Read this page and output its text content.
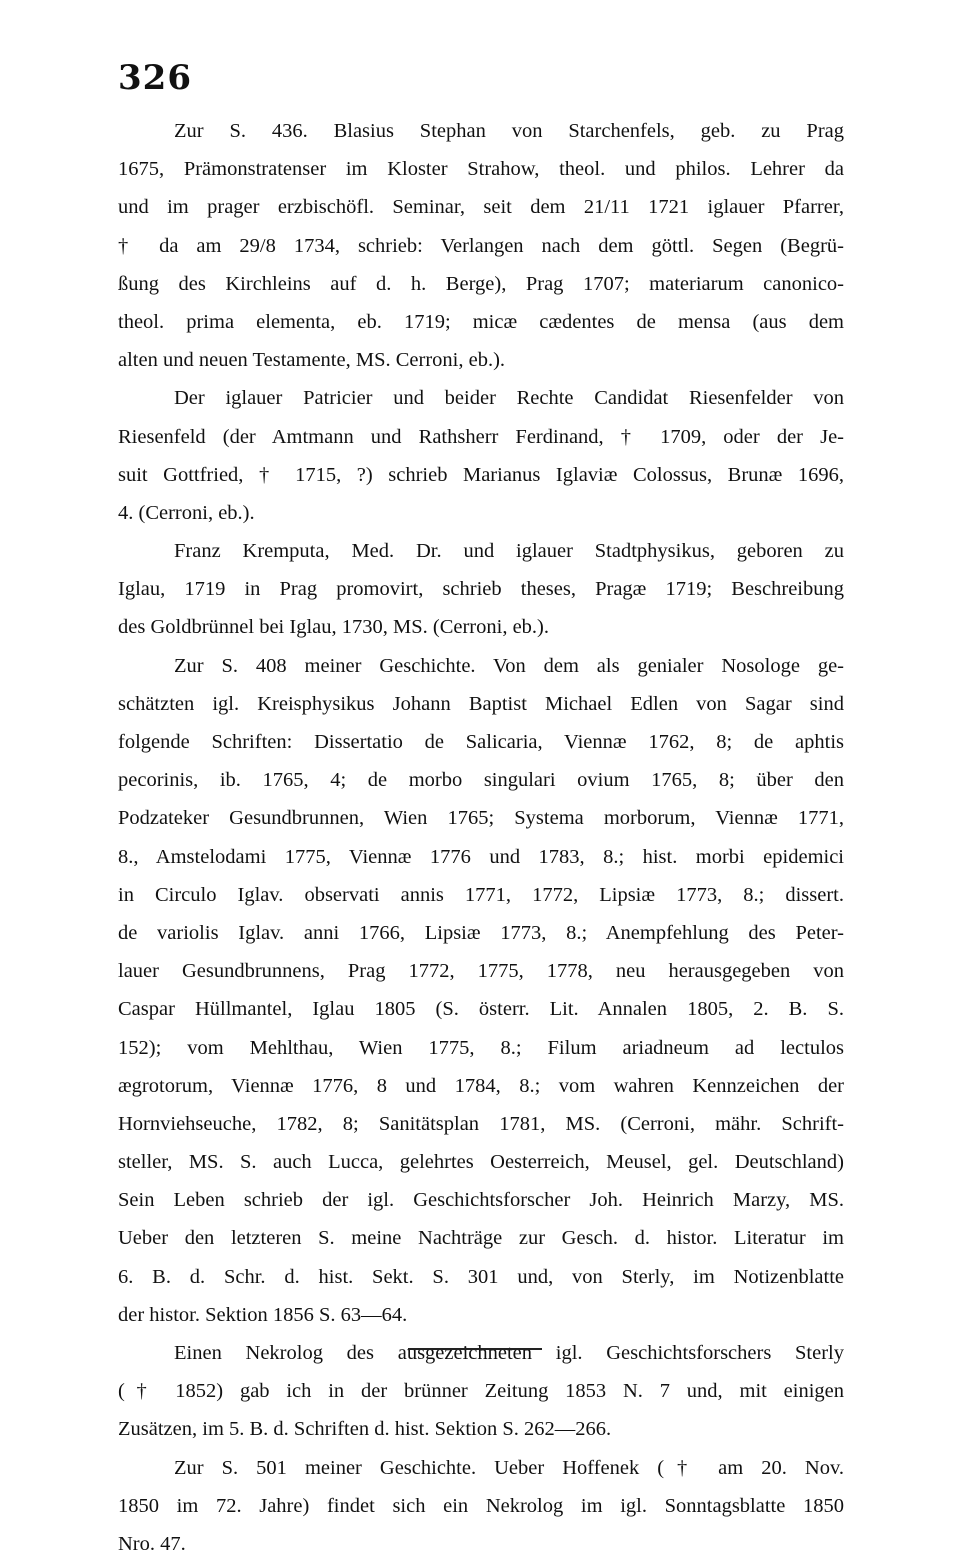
326
Zur S. 436. Blasius Stephan von Starchenfels, geb. zu Prag
1675, Prämonstratenser im Kloster Strahow, theol. und philos. Lehrer da
und im prager erzbischöfl. Seminar, seit dem 21/11 1721 iglauer Pfarrer,
† da am 29/8 1734, schrieb: Verlangen nach dem göttl. Segen (Begrü-
ßung des Kirchleins auf d. h. Berge), Prag 1707; materiarum canonico-
theol. prima elementa, eb. 1719; micæ cædentes de mensa (aus dem
alten und neuen Testamente, MS. Cerroni, eb.).
Der iglauer Patricier und beider Rechte Candidat Riesenfelder von
Riesenfeld (der Amtmann und Rathsherr Ferdinand, † 1709, oder der Je-
suit Gottfried, † 1715, ?) schrieb Marianus Iglaviæ Colossus, Brunæ 1696,
4. (Cerroni, eb.).
Franz Kremputa, Med. Dr. und iglauer Stadtphysikus, geboren zu
Iglau, 1719 in Prag promovirt, schrieb theses, Pragæ 1719; Beschreibung
des Goldbrünnel bei Iglau, 1730, MS. (Cerroni, eb.).
Zur S. 408 meiner Geschichte. Von dem als genialer Nosologe ge-
schätzten igl. Kreisphysikus Johann Baptist Michael Edlen von Sagar sind
folgende Schriften: Dissertatio de Salicaria, Viennæ 1762, 8; de aphtis
pecorinis, ib. 1765, 4; de morbo singulari ovium 1765, 8; über den
Podzateker Gesundbrunnen, Wien 1765; Systema morborum, Viennæ 1771,
8., Amstelodami 1775, Viennæ 1776 und 1783, 8.; hist. morbi epidemici
in Circulo Iglav. observati annis 1771, 1772, Lipsiæ 1773, 8.; dissert.
de variolis Iglav. anni 1766, Lipsiæ 1773, 8.; Anempfehlung des Peter-
lauer Gesundbrunnens, Prag 1772, 1775, 1778, neu herausgegeben von
Caspar Hüllmantel, Iglau 1805 (S. österr. Lit. Annalen 1805, 2. B. S.
152); vom Mehlthau, Wien 1775, 8.; Filum ariadneum ad lectulos
ægrotorum, Viennæ 1776, 8 und 1784, 8.; vom wahren Kennzeichen der
Hornviehseuche, 1782, 8; Sanitätsplan 1781, MS. (Cerroni, mähr. Schrift-
steller, MS. S. auch Lucca, gelehrtes Oesterreich, Meusel, gel. Deutschland)
Sein Leben schrieb der igl. Geschichtsforscher Joh. Heinrich Marzy, MS.
Ueber den letzteren S. meine Nachträge zur Gesch. d. histor. Literatur im
6. B. d. Schr. d. hist. Sekt. S. 301 und, von Sterly, im Notizenblatte
der histor. Sektion 1856 S. 63—64.
Einen Nekrolog des ausgezeichneten igl. Geschichtsforschers Sterly
(† 1852) gab ich in der brünner Zeitung 1853 N. 7 und, mit einigen
Zusätzen, im 5. B. d. Schriften d. hist. Sektion S. 262—266.
Zur S. 501 meiner Geschichte. Ueber Hoffenek († am 20. Nov.
1850 im 72. Jahre) findet sich ein Nekrolog im igl. Sonntagsblatte 1850
Nro. 47.
